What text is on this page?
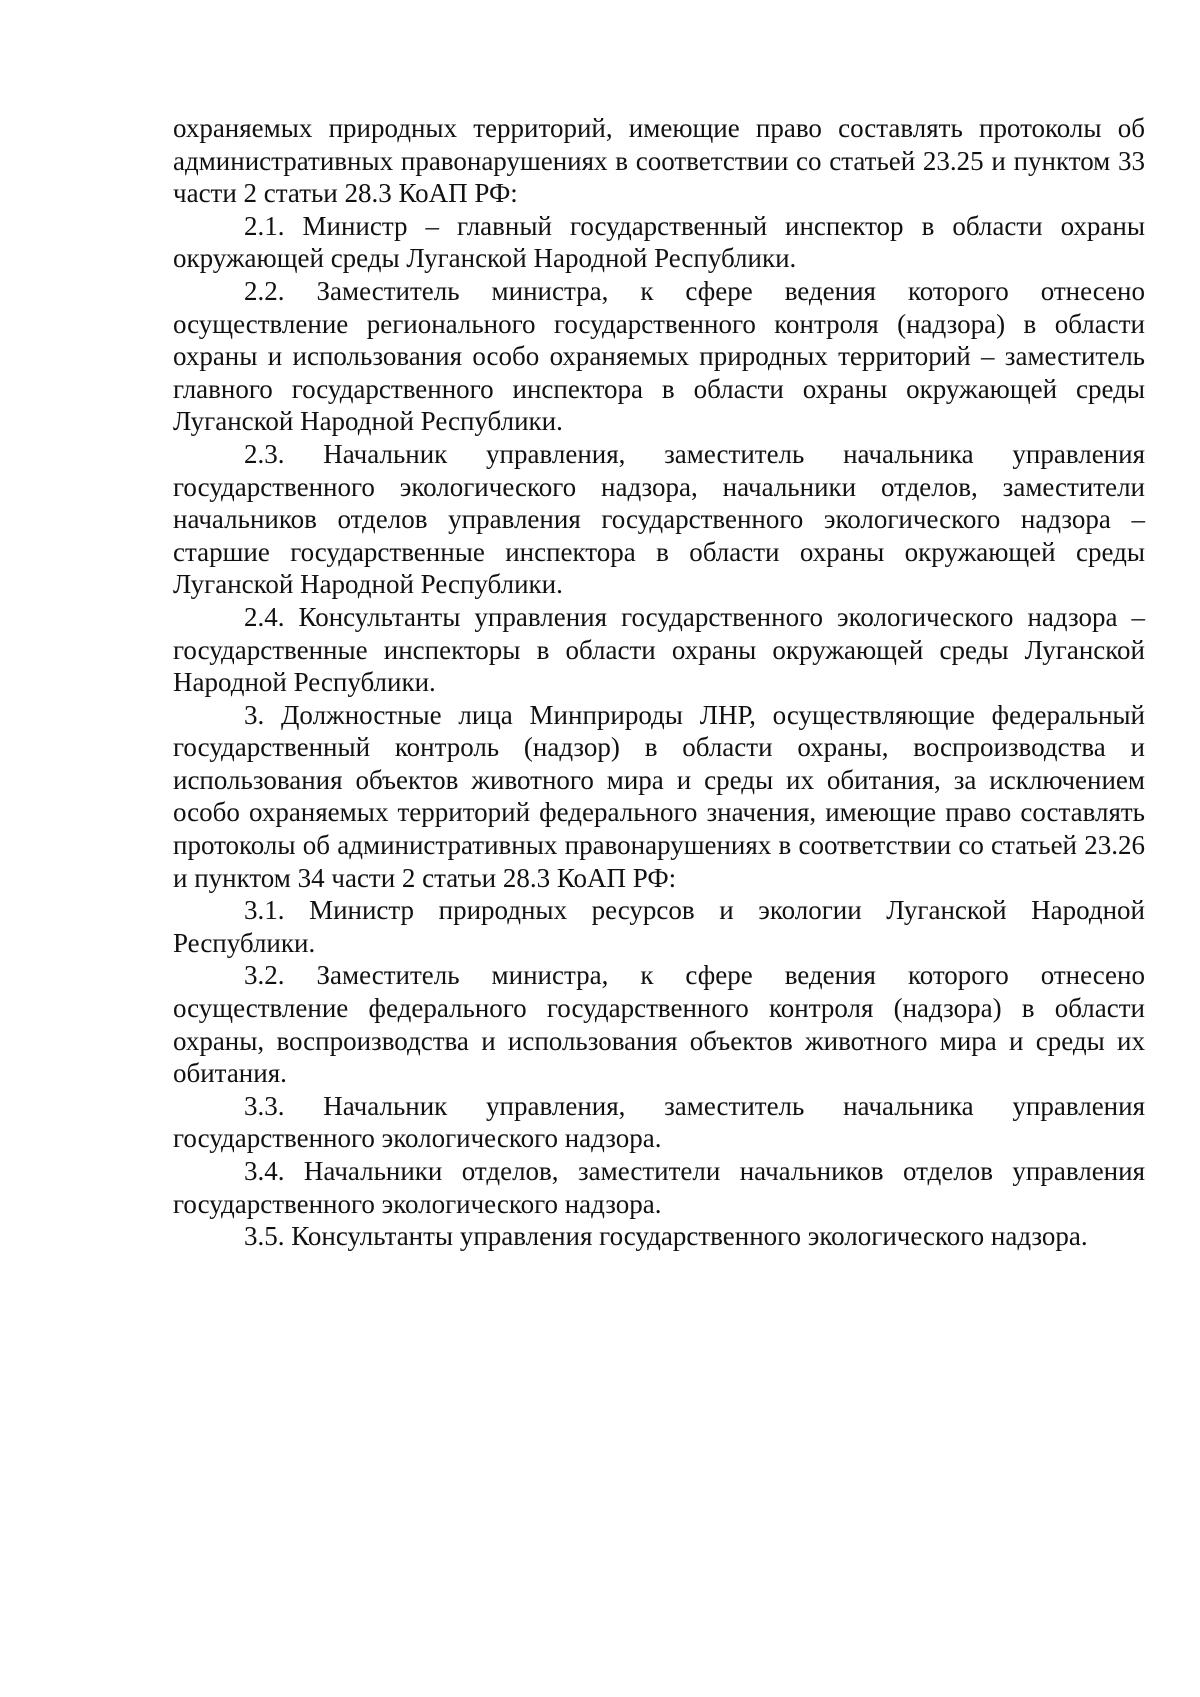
охраняемых природных территорий, имеющие право составлять протоколы об административных правонарушениях в соответствии со статьей 23.25 и пунктом 33 части 2 статьи 28.3 КоАП РФ:

2.1. Министр – главный государственный инспектор в области охраны окружающей среды Луганской Народной Республики.

2.2. Заместитель министра, к сфере ведения которого отнесено осуществление регионального государственного контроля (надзора) в области охраны и использования особо охраняемых природных территорий – заместитель главного государственного инспектора в области охраны окружающей среды Луганской Народной Республики.

2.3. Начальник управления, заместитель начальника управления государственного экологического надзора, начальники отделов, заместители начальников отделов управления государственного экологического надзора – старшие государственные инспектора в области охраны окружающей среды Луганской Народной Республики.

2.4. Консультанты управления государственного экологического надзора – государственные инспекторы в области охраны окружающей среды Луганской Народной Республики.

3. Должностные лица Минприроды ЛНР, осуществляющие федеральный государственный контроль (надзор) в области охраны, воспроизводства и использования объектов животного мира и среды их обитания, за исключением особо охраняемых территорий федерального значения, имеющие право составлять протоколы об административных правонарушениях в соответствии со статьей 23.26 и пунктом 34 части 2 статьи 28.3 КоАП РФ:

3.1. Министр природных ресурсов и экологии Луганской Народной Республики.

3.2. Заместитель министра, к сфере ведения которого отнесено осуществление федерального государственного контроля (надзора) в области охраны, воспроизводства и использования объектов животного мира и среды их обитания.

3.3. Начальник управления, заместитель начальника управления государственного экологического надзора.

3.4. Начальники отделов, заместители начальников отделов управления государственного экологического надзора.

3.5. Консультанты управления государственного экологического надзора.
